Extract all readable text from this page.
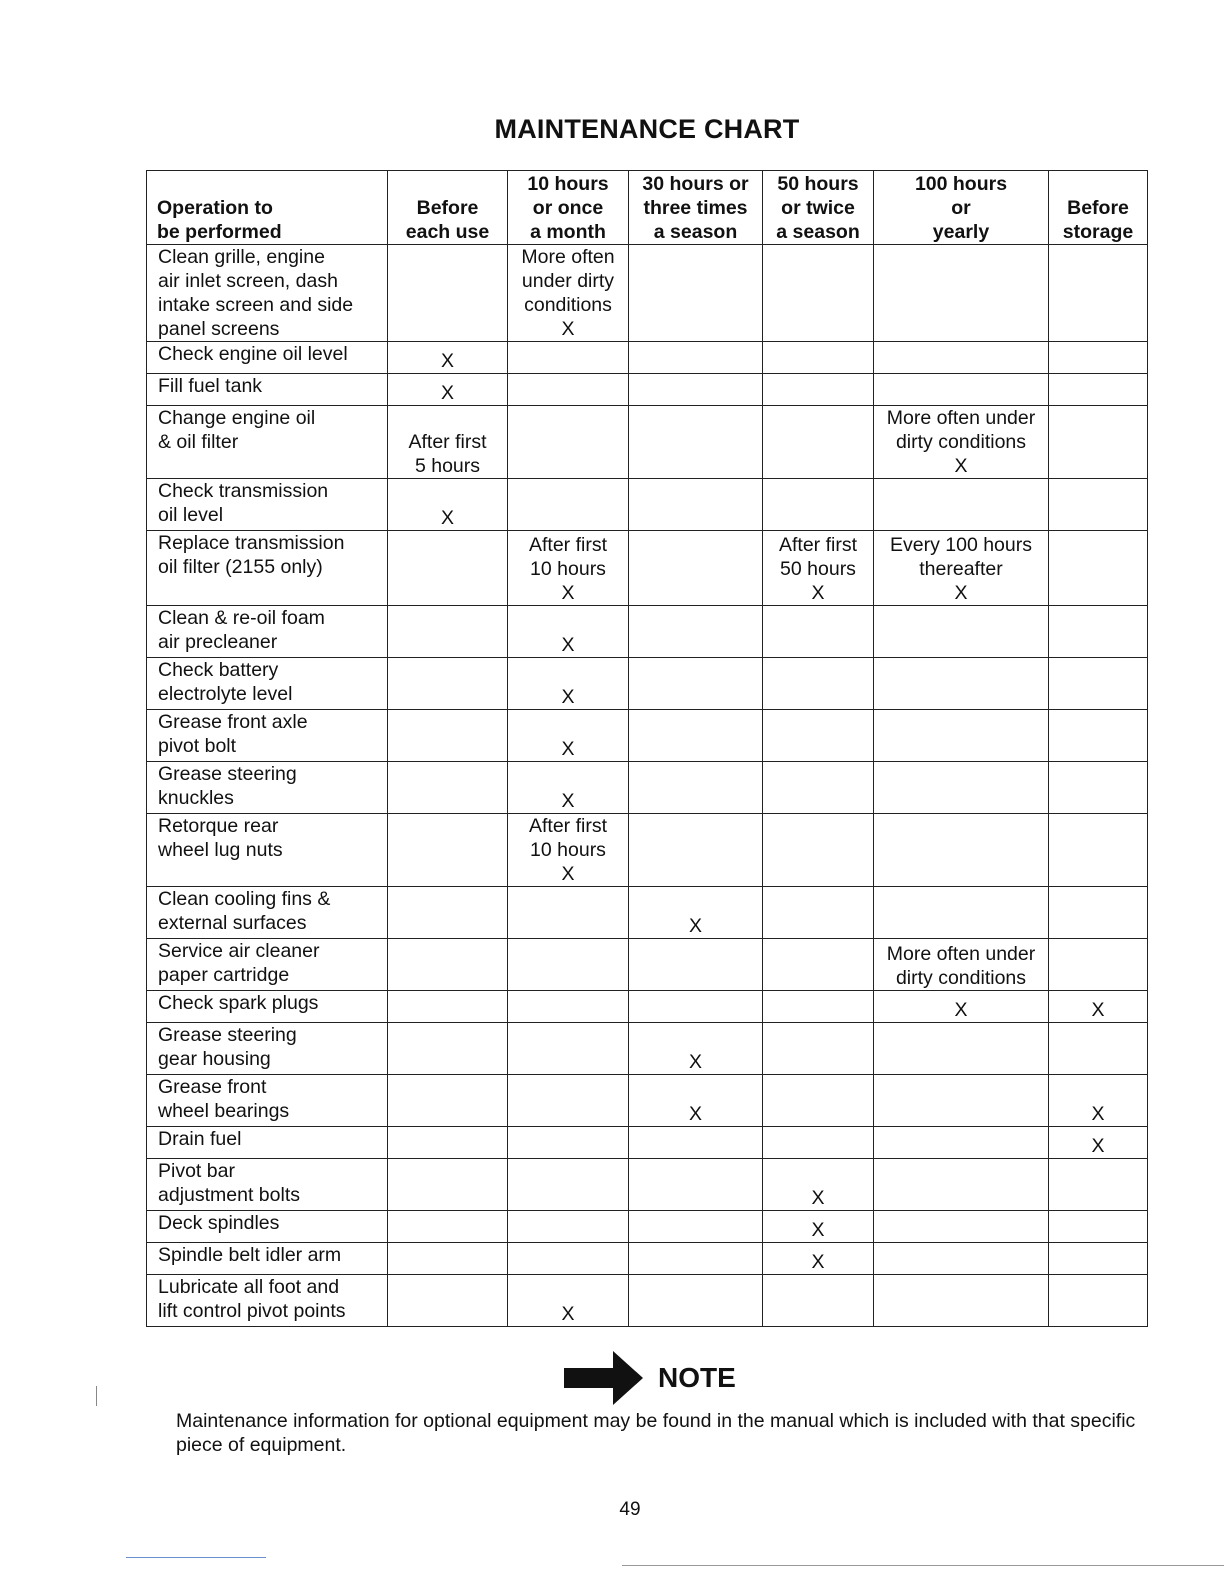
MAINTENANCE CHART
Operation to
be performed	Before
each use	10 hours
or once
a month	30 hours or
three times
a season	50 hours
or twice
a season	100 hours
or
yearly	Before
storage
Clean grille, engine
air inlet screen, dash
intake screen and side
panel screens		More often
under dirty
conditions
X				
Check engine oil level	X					
Fill fuel tank	X					
Change engine oil
& oil filter	After first
5 hours				More often under
dirty conditions
X	
Check transmission
oil level	X					
Replace transmission
oil filter (2155 only)		After first
10 hours
X		After first
50 hours
X	Every 100 hours
thereafter
X	
Clean & re-oil foam
air precleaner		X				
Check battery
electrolyte level		X				
Grease front axle
pivot bolt		X				
Grease steering
knuckles		X				
Retorque rear
wheel lug nuts		After first
10 hours
X				
Clean cooling fins &
external surfaces			X			
Service air cleaner
paper cartridge					More often under
dirty conditions	
Check spark plugs					X	X
Grease steering
gear housing			X			
Grease front
wheel bearings			X			X
Drain fuel						X
Pivot bar
adjustment bolts				X		
Deck spindles				X		
Spindle belt idler arm				X		
Lubricate all foot and
lift control pivot points		X				
NOTE
Maintenance information for optional equipment may be found in the manual which is included with that specific piece of equipment.
49
